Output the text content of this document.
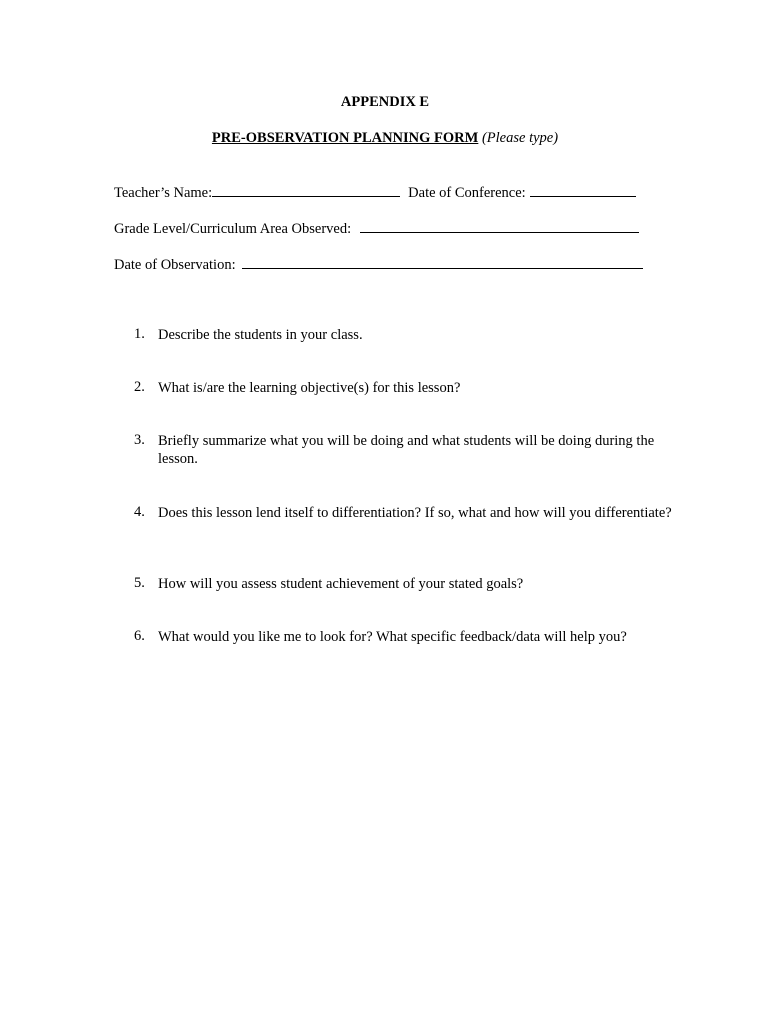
APPENDIX E
PRE-OBSERVATION PLANNING FORM (Please type)
Teacher’s Name:	Date of Conference:
Grade Level/Curriculum Area Observed:
Date of Observation:
1. Describe the students in your class.
2. What is/are the learning objective(s) for this lesson?
3. Briefly summarize what you will be doing and what students will be doing during the lesson.
4. Does this lesson lend itself to differentiation? If so, what and how will you differentiate?
5. How will you assess student achievement of your stated goals?
6. What would you like me to look for? What specific feedback/data will help you?
